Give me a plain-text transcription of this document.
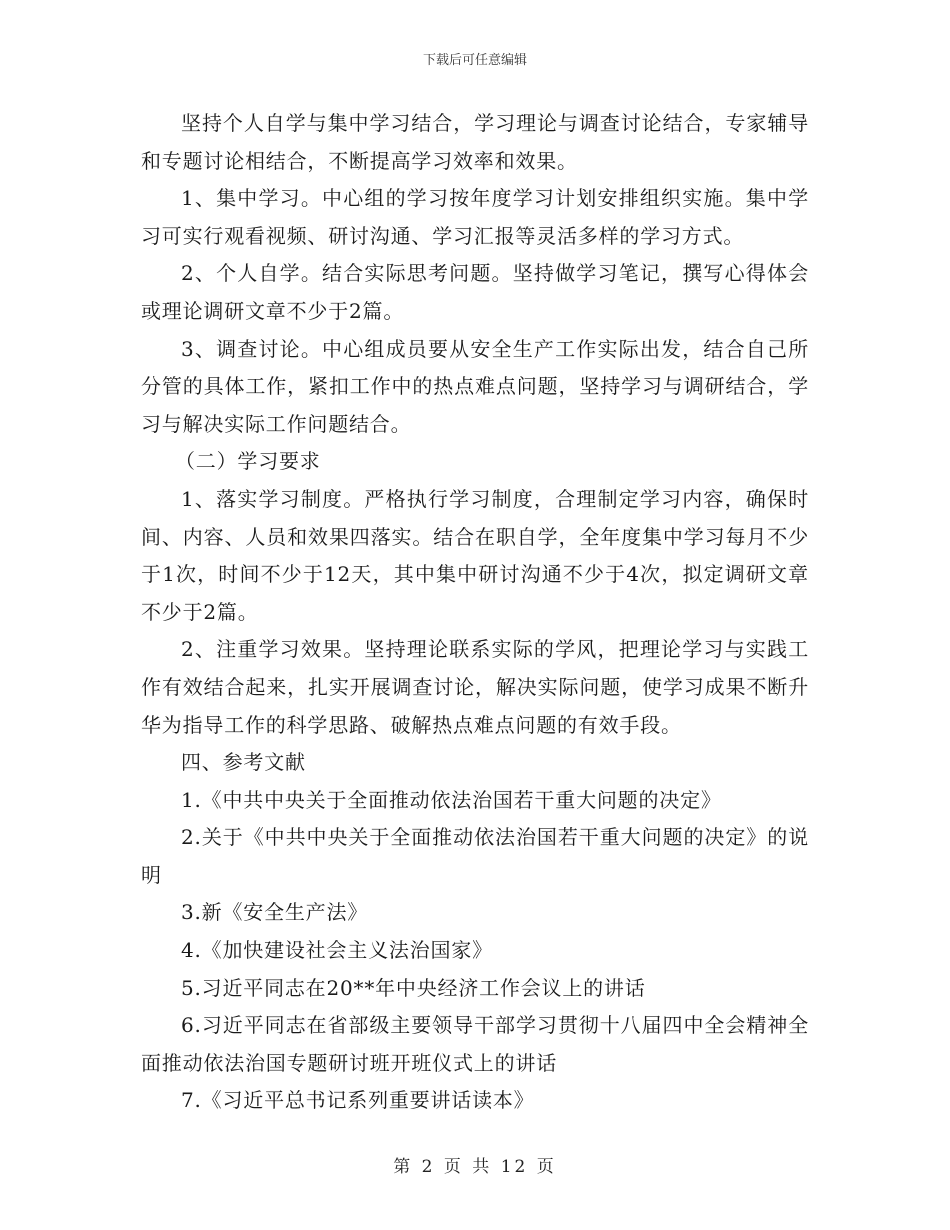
下载后可任意编辑

坚持个人自学与集中学习结合，学习理论与调查讨论结合，专家辅导和专题讨论相结合，不断提高学习效率和效果。

1、集中学习。中心组的学习按年度学习计划安排组织实施。集中学习可实行观看视频、研讨沟通、学习汇报等灵活多样的学习方式。

2、个人自学。结合实际思考问题。坚持做学习笔记，撰写心得体会或理论调研文章不少于2篇。

3、调查讨论。中心组成员要从安全生产工作实际出发，结合自己所分管的具体工作，紧扣工作中的热点难点问题，坚持学习与调研结合，学习与解决实际工作问题结合。

（二）学习要求

1、落实学习制度。严格执行学习制度，合理制定学习内容，确保时间、内容、人员和效果四落实。结合在职自学，全年度集中学习每月不少于1次，时间不少于12天，其中集中研讨沟通不少于4次，拟定调研文章不少于2篇。

2、注重学习效果。坚持理论联系实际的学风，把理论学习与实践工作有效结合起来，扎实开展调查讨论，解决实际问题，使学习成果不断升华为指导工作的科学思路、破解热点难点问题的有效手段。

四、参考文献

1.《中共中央关于全面推动依法治国若干重大问题的决定》

2.关于《中共中央关于全面推动依法治国若干重大问题的决定》的说明

3.新《安全生产法》

4.《加快建设社会主义法治国家》

5.习近平同志在20**年中央经济工作会议上的讲话

6.习近平同志在省部级主要领导干部学习贯彻十八届四中全会精神全面推动依法治国专题研讨班开班仪式上的讲话

7.《习近平总书记系列重要讲话读本》

第 2 页 共 12 页
